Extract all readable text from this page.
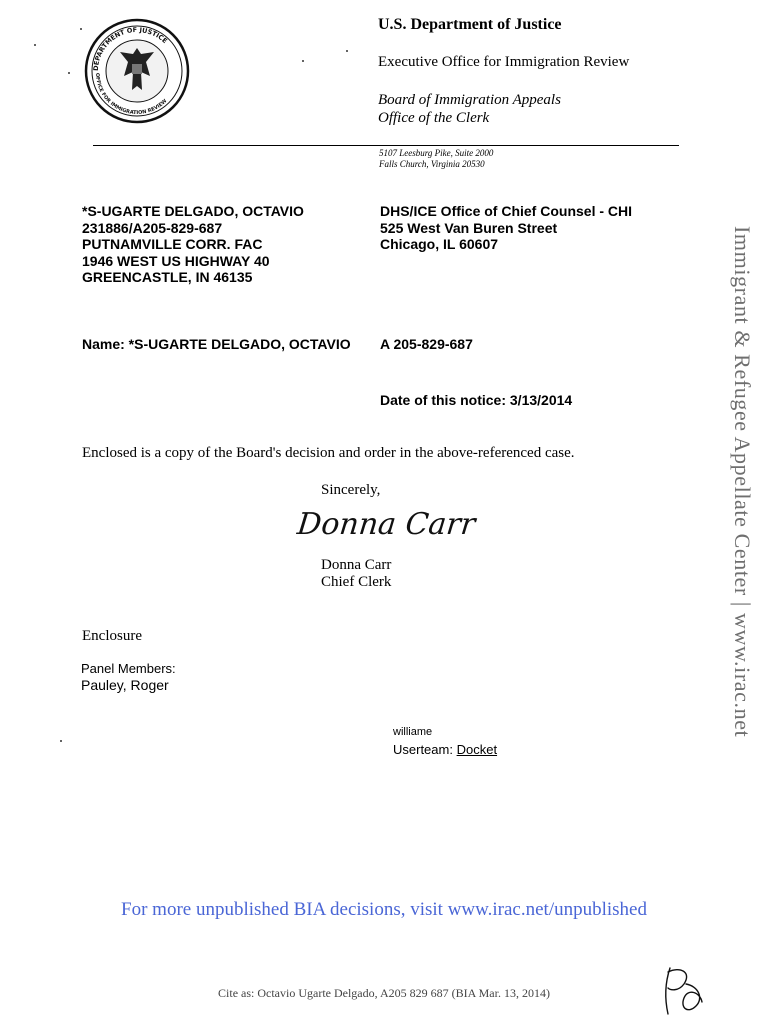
DEPARTMENT OF JUSTICE
OFFICE FOR IMMIGRATION REVIEW
U.S. Department of Justice
Executive Office for Immigration Review
Board of Immigration Appeals
Office of the Clerk
5107 Leesburg Pike, Suite 2000
Falls Church, Virginia 20530
*S-UGARTE DELGADO, OCTAVIO
231886/A205-829-687
PUTNAMVILLE CORR. FAC
1946 WEST US HIGHWAY 40
GREENCASTLE, IN 46135
DHS/ICE Office of Chief Counsel - CHI
525 West Van Buren Street
Chicago, IL 60607
Name: *S-UGARTE DELGADO, OCTAVIO A 205-829-687
Date of this notice: 3/13/2014
Enclosed is a copy of the Board's decision and order in the above-referenced case.
Sincerely,
Donna Carr
Donna Carr
Chief Clerk
Enclosure
Panel Members:
Pauley, Roger
williame
Userteam: Docket
Immigrant & Refugee Appellate Center | www.irac.net
For more unpublished BIA decisions, visit www.irac.net/unpublished
Cite as: Octavio Ugarte Delgado, A205 829 687 (BIA Mar. 13, 2014)
